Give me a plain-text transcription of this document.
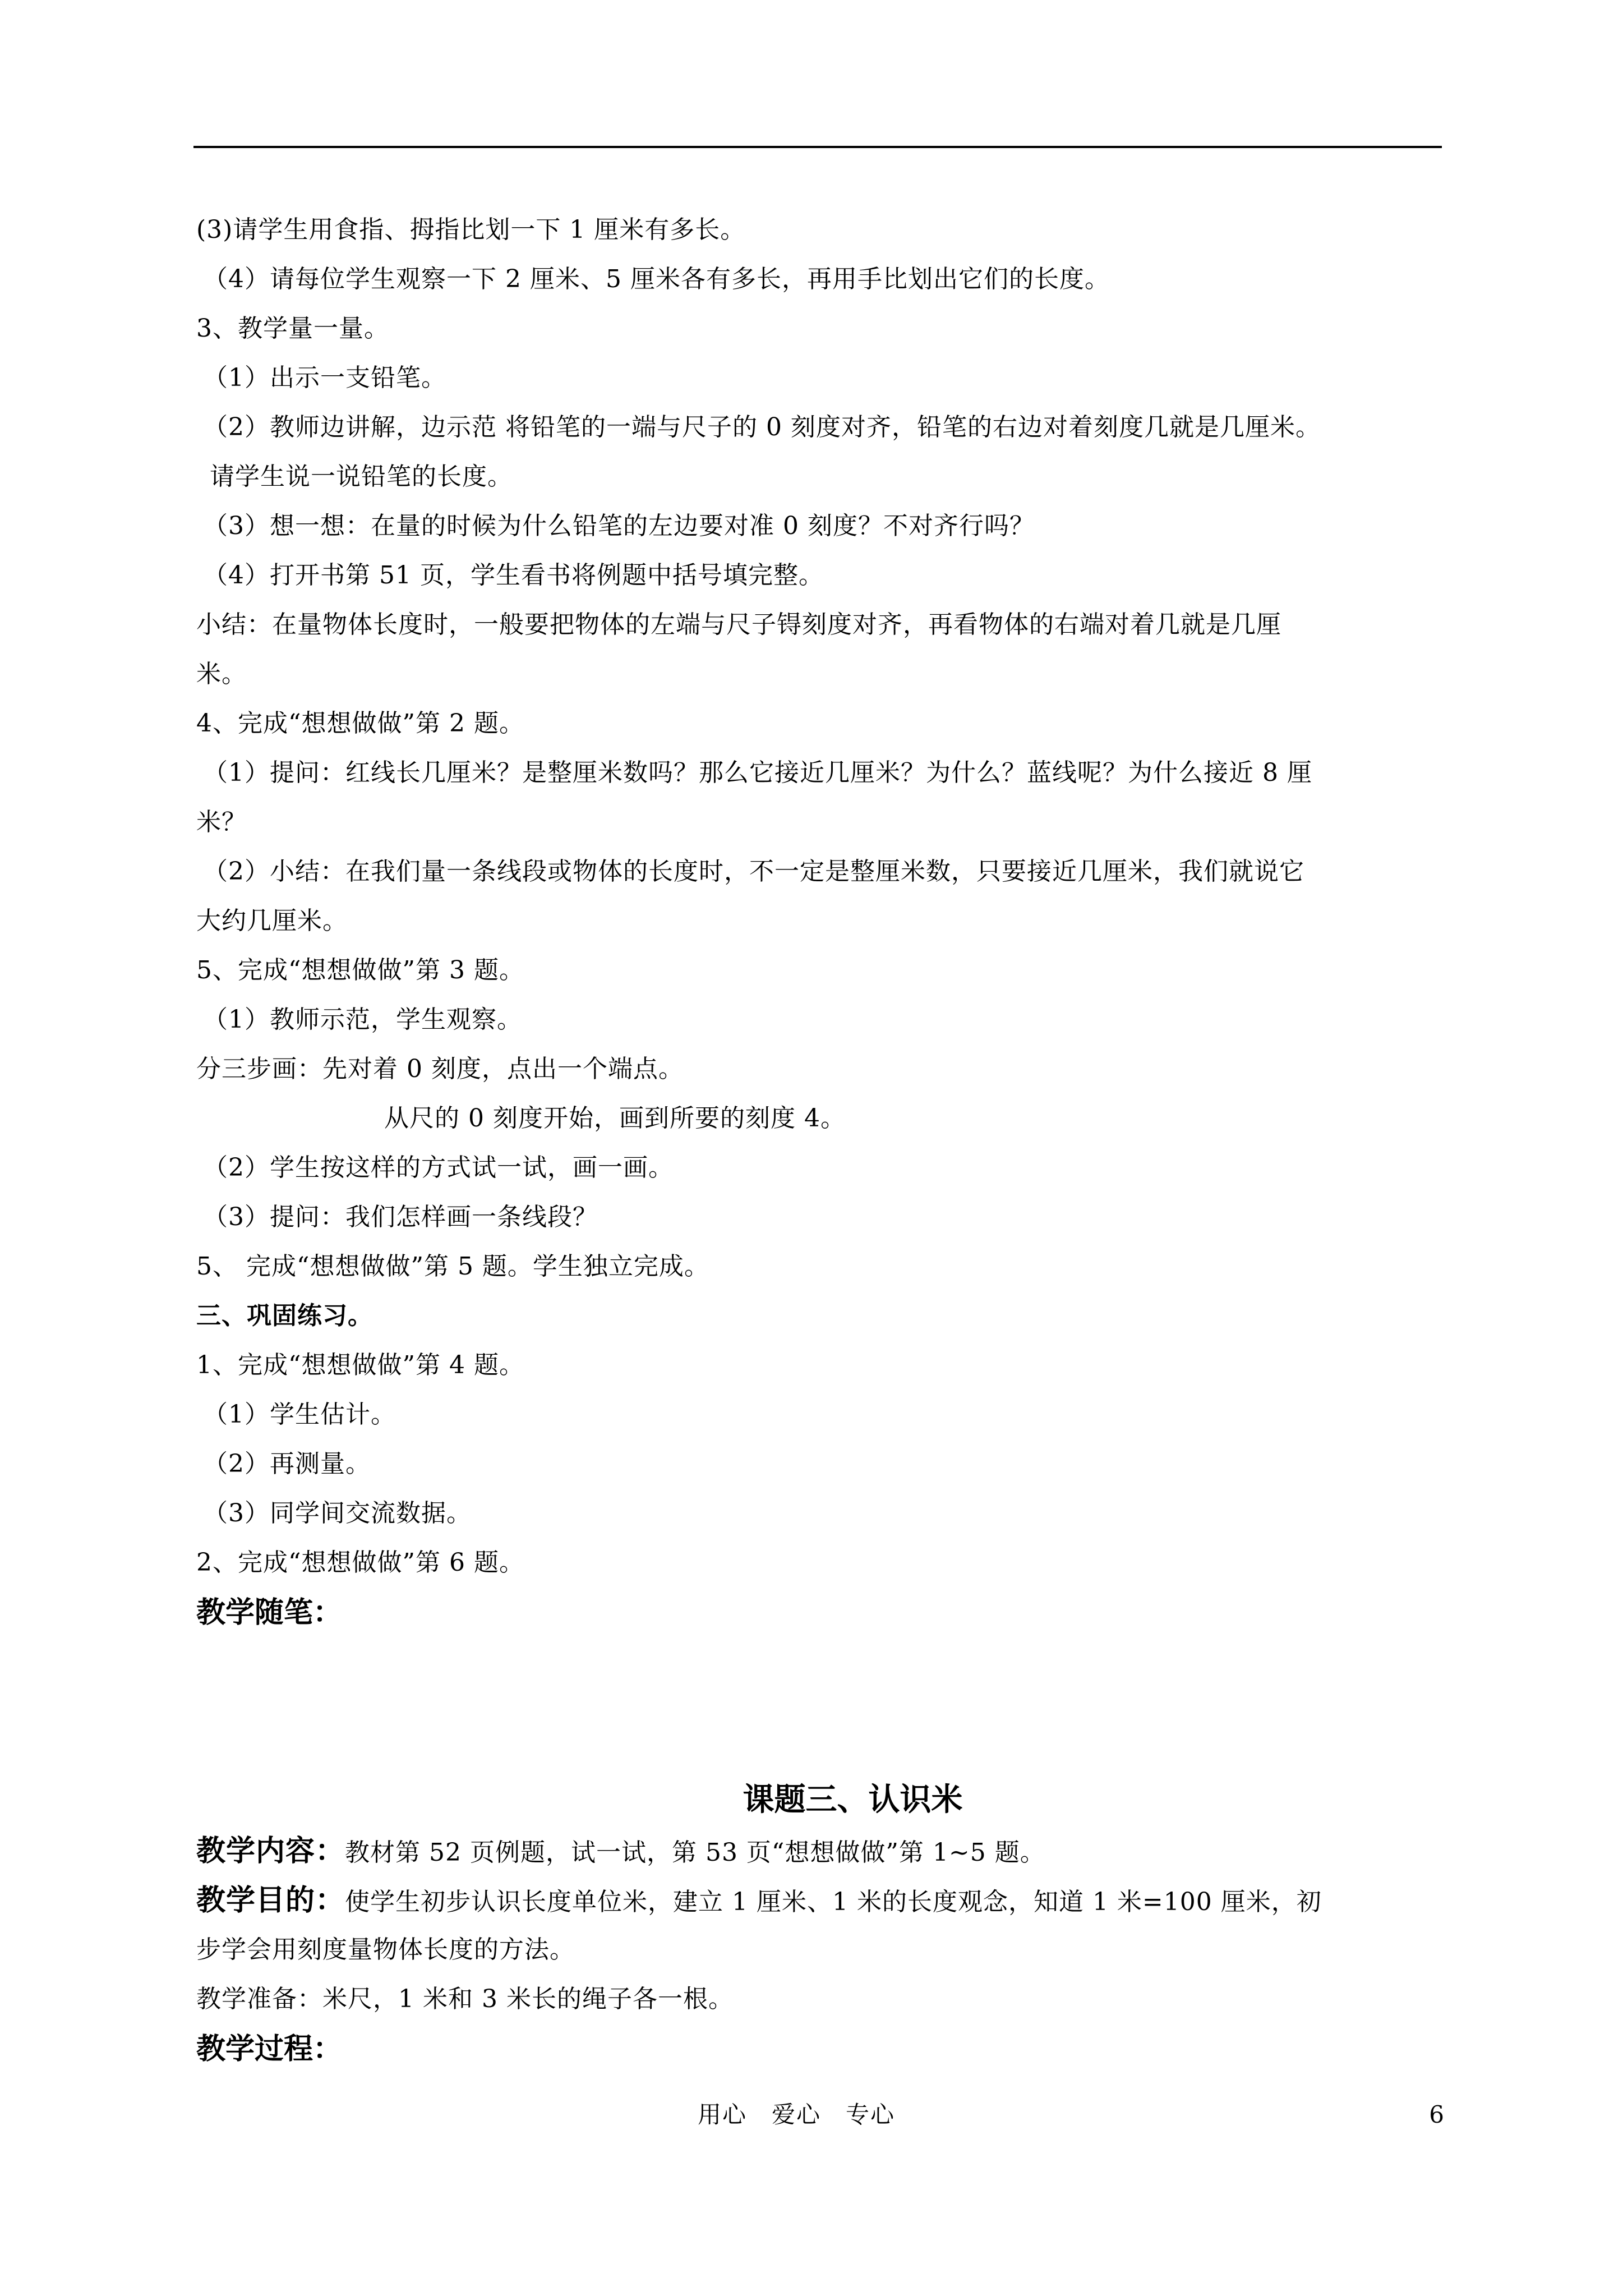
(3)请学生用食指、拇指比划一下 1 厘米有多长。
（4）请每位学生观察一下 2 厘米、5 厘米各有多长，再用手比划出它们的长度。
3、教学量一量。
（1）出示一支铅笔。
（2）教师边讲解，边示范 将铅笔的一端与尺子的 0 刻度对齐，铅笔的右边对着刻度几就是几厘米。
请学生说一说铅笔的长度。
（3）想一想：在量的时候为什么铅笔的左边要对准 0 刻度？不对齐行吗？
（4）打开书第 51 页，学生看书将例题中括号填完整。
小结：在量物体长度时，一般要把物体的左端与尺子锝刻度对齐，再看物体的右端对着几就是几厘
米。
4、完成“想想做做”第 2 题。
（1）提问：红线长几厘米？是整厘米数吗？那么它接近几厘米？为什么？蓝线呢？为什么接近 8 厘
米？
（2）小结：在我们量一条线段或物体的长度时，不一定是整厘米数，只要接近几厘米，我们就说它
大约几厘米。
5、完成“想想做做”第 3 题。
（1）教师示范，学生观察。
分三步画：先对着 0 刻度，点出一个端点。
从尺的 0 刻度开始，画到所要的刻度 4。
（2）学生按这样的方式试一试，画一画。
（3）提问：我们怎样画一条线段？
5、 完成“想想做做”第 5 题。学生独立完成。
三、巩固练习。
1、完成“想想做做”第 4 题。
（1）学生估计。
（2）再测量。
（3）同学间交流数据。
2、完成“想想做做”第 6 题。
教学随笔：
课题三、认识米
教学内容：教材第 52 页例题，试一试，第 53 页“想想做做”第 1~5 题。
教学目的：使学生初步认识长度单位米，建立 1 厘米、1 米的长度观念，知道 1 米=100 厘米，初
步学会用刻度量物体长度的方法。
教学准备：米尺，1 米和 3 米长的绳子各一根。
教学过程：
用心　爱心　专心	6
